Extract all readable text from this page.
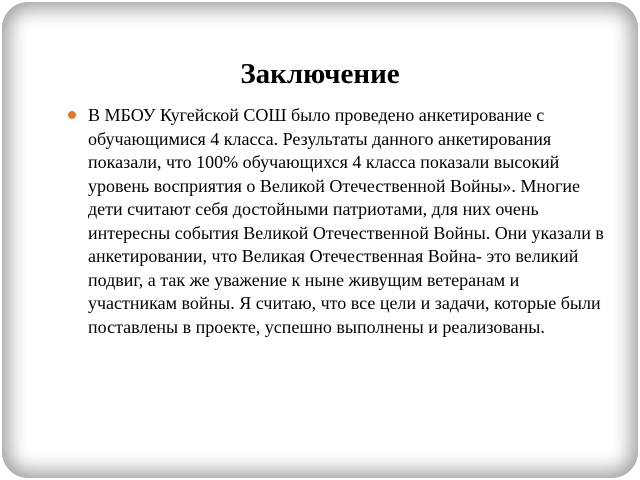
Заключение

В МБОУ Кугейской СОШ было проведено анкетирование с обучающимися 4 класса. Результаты данного анкетирования показали, что 100% обучающихся 4 класса показали высокий уровень восприятия о Великой Отечественной Войны». Многие дети считают себя достойными патриотами, для них очень интересны события Великой Отечественной Войны. Они указали в анкетировании, что Великая Отечественная Война- это великий подвиг, а так же уважение к ныне живущим ветеранам и участникам войны. Я считаю, что все цели и задачи, которые были поставлены в проекте, успешно выполнены и реализованы.
